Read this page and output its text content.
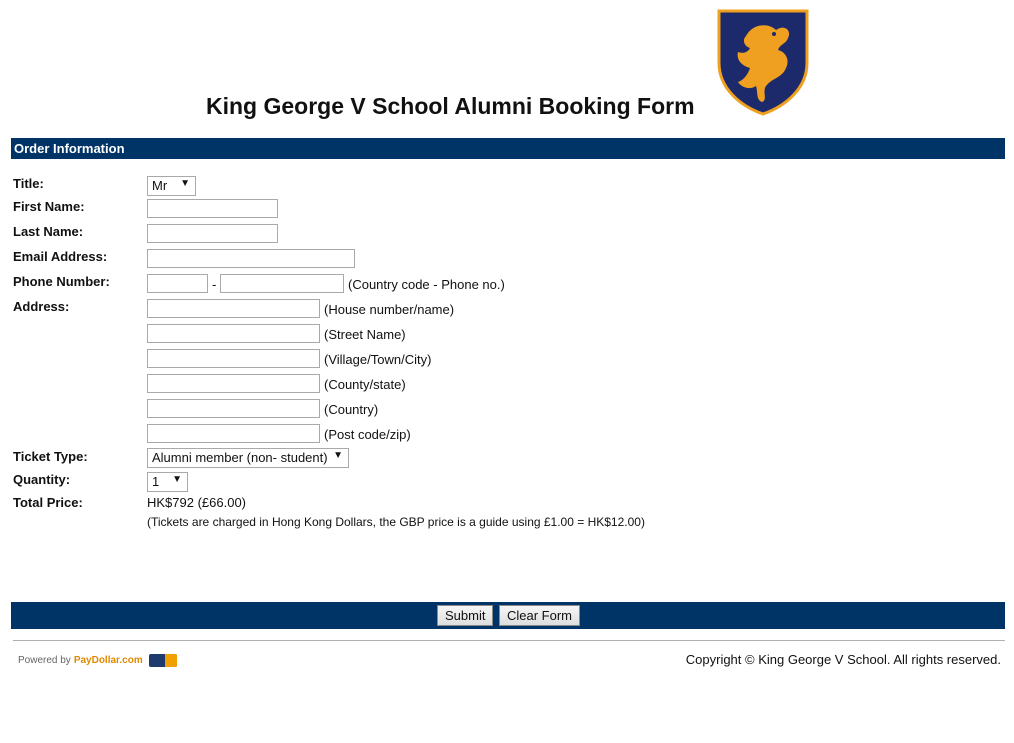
King George V School Alumni Booking Form
Order Information
Title:	Mr ▼
First Name:
Last Name:
Email Address:
Phone Number:	-	(Country code - Phone no.)
Address:	(House number/name)
(Street Name)
(Village/Town/City)
(County/state)
(Country)
(Post code/zip)
Ticket Type:	Alumni member (non- student) ▼
Quantity:	1 ▼
Total Price:	HK$792 (£66.00)
(Tickets are charged in Hong Kong Dollars, the GBP price is a guide using £1.00 = HK$12.00)
Submit	Clear Form
Powered by PayDollar.com	Copyright © King George V School. All rights reserved.
